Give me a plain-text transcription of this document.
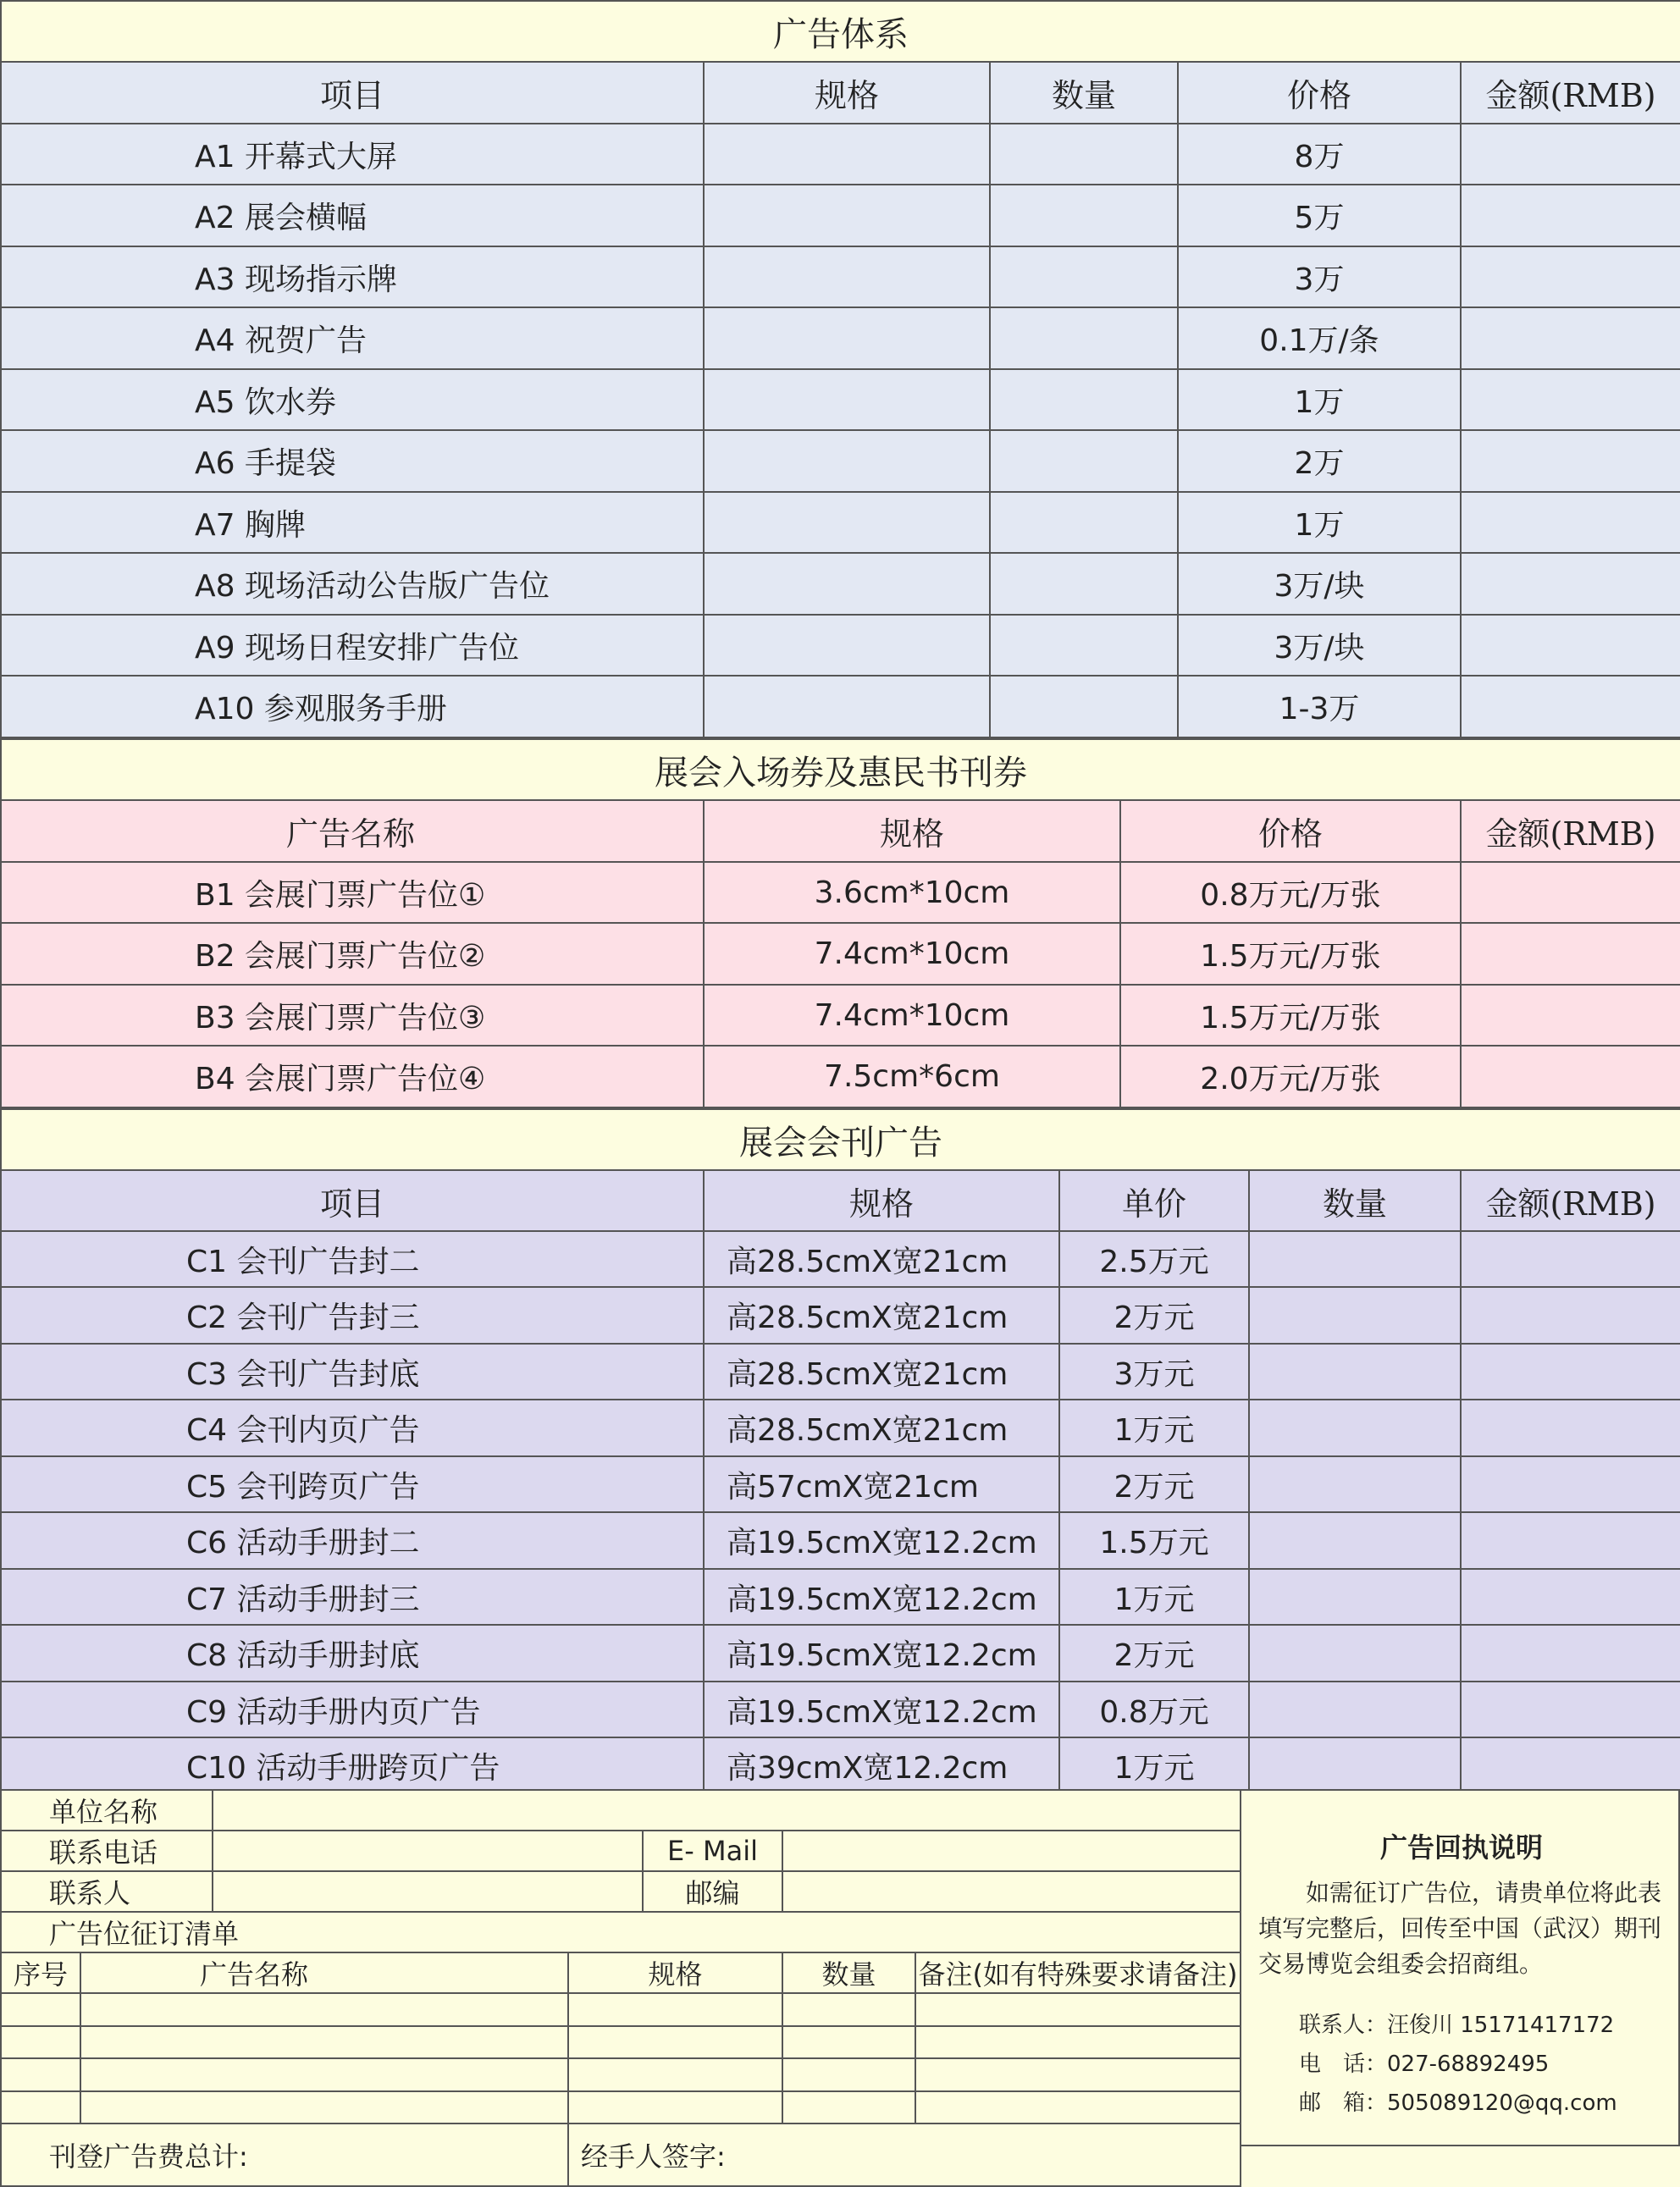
广告体系				
项目	规格	数量	价格	金额(RMB)
A1 开幕式大屏			8万	
A2 展会横幅			5万	
A3 现场指示牌			3万	
A4 祝贺广告			0.1万/条	
A5 饮水券			1万	
A6 手提袋			2万	
A7 胸牌			1万	
A8 现场活动公告版广告位			3万/块	
A9 现场日程安排广告位			3万/块	
A10 参观服务手册			1-3万	
展会入场券及惠民书刊券			
广告名称	规格	价格	金额(RMB)
B1 会展门票广告位①	3.6cm*10cm	0.8万元/万张	
B2 会展门票广告位②	7.4cm*10cm	1.5万元/万张	
B3 会展门票广告位③	7.4cm*10cm	1.5万元/万张	
B4 会展门票广告位④	7.5cm*6cm	2.0万元/万张	
展会会刊广告				
项目	规格	单价	数量	金额(RMB)
C1 会刊广告封二	高28.5cmX宽21cm	2.5万元		
C2 会刊广告封三	高28.5cmX宽21cm	2万元		
C3 会刊广告封底	高28.5cmX宽21cm	3万元		
C4 会刊内页广告	高28.5cmX宽21cm	1万元		
C5 会刊跨页广告	高57cmX宽21cm	2万元		
C6 活动手册封二	高19.5cmX宽12.2cm	1.5万元		
C7 活动手册封三	高19.5cmX宽12.2cm	1万元		
C8 活动手册封底	高19.5cmX宽12.2cm	2万元		
C9 活动手册内页广告	高19.5cmX宽12.2cm	0.8万元		
C10 活动手册跨页广告	高39cmX宽12.2cm	1万元		
单位名称						
联系电话				E- Mail		
联系人				邮编		
广告位征订清单						
序号	广告名称		规格		数量	备注(如有特殊要求请备注)

刊登广告费总计:			经手人签字:			
广告回执说明
如需征订广告位，请贵单位将此表填写完整后，回传至中国（武汉）期刊交易博览会组委会招商组。
联系人：汪俊川 15171417172
电　话：027-68892495
邮　箱：505089120@qq.com
